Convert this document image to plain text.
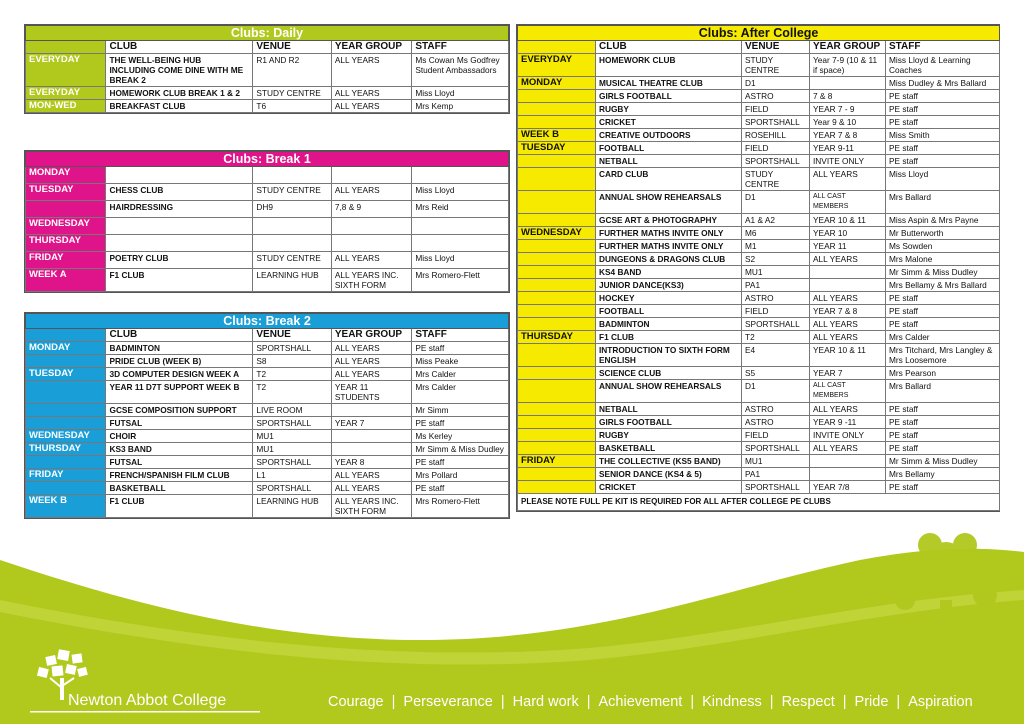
Clubs: Daily				
	CLUB	VENUE	YEAR GROUP	STAFF
EVERYDAY	THE WELL-BEING HUB INCLUDING COME DINE WITH ME BREAK 2	R1 AND R2	ALL YEARS	Ms Cowan Ms Godfrey Student Ambassadors
EVERYDAY	HOMEWORK CLUB BREAK 1 & 2	STUDY CENTRE	ALL YEARS	Miss Lloyd
MON-WED	BREAKFAST CLUB	T6	ALL YEARS	Mrs Kemp
Clubs: Break 1				
MONDAY				
TUESDAY	CHESS CLUB	STUDY CENTRE	ALL YEARS	Miss Lloyd
	HAIRDRESSING	DH9	7,8 & 9	Mrs Reid
WEDNESDAY				
THURSDAY				
FRIDAY	POETRY CLUB	STUDY CENTRE	ALL YEARS	Miss Lloyd
WEEK A	F1 CLUB	LEARNING HUB	ALL YEARS INC. SIXTH FORM	Mrs Romero-Flett
Clubs: Break 2				
	CLUB	VENUE	YEAR GROUP	STAFF
MONDAY	BADMINTON	SPORTSHALL	ALL YEARS	PE staff
	PRIDE CLUB (WEEK B)	S8	ALL YEARS	Miss Peake
TUESDAY	3D COMPUTER DESIGN WEEK A	T2	ALL YEARS	Mrs Calder
	YEAR 11 D7T SUPPORT WEEK B	T2	YEAR 11 STUDENTS	Mrs Calder
	GCSE COMPOSITION SUPPORT	LIVE ROOM		Mr Simm
	FUTSAL	SPORTSHALL	YEAR 7	PE staff
WEDNESDAY	CHOIR	MU1		Ms Kerley
THURSDAY	KS3 BAND	MU1		Mr Simm & Miss Dudley
	FUTSAL	SPORTSHALL	YEAR 8	PE staff
FRIDAY	FRENCH/SPANISH FILM CLUB	L1	ALL YEARS	Mrs Pollard
	BASKETBALL	SPORTSHALL	ALL YEARS	PE staff
WEEK B	F1 CLUB	LEARNING HUB	ALL YEARS INC. SIXTH FORM	Mrs Romero-Flett
Clubs: After College				
	CLUB	VENUE	YEAR GROUP	STAFF
EVERYDAY	HOMEWORK CLUB	STUDY CENTRE	Year 7-9 (10 & 11 if space)	Miss Lloyd & Learning Coaches
MONDAY	MUSICAL THEATRE CLUB	D1		Miss Dudley & Mrs Ballard
	GIRLS FOOTBALL	ASTRO	7 & 8	PE staff
	RUGBY	FIELD	YEAR 7 - 9	PE staff
	CRICKET	SPORTSHALL	Year 9 & 10	PE staff
WEEK B	CREATIVE OUTDOORS	ROSEHILL	YEAR 7 & 8	Miss Smith
TUESDAY	FOOTBALL	FIELD	YEAR 9-11	PE staff
	NETBALL	SPORTSHALL	INVITE ONLY	PE staff
	CARD CLUB	STUDY CENTRE	ALL YEARS	Miss Lloyd
	ANNUAL SHOW REHEARSALS	D1	ALL CAST MEMBERS	Mrs Ballard
	GCSE ART & PHOTOGRAPHY	A1 & A2	YEAR 10 & 11	Miss Aspin & Mrs Payne
WEDNESDAY	FURTHER MATHS INVITE ONLY	M6	YEAR 10	Mr Butterworth
	FURTHER MATHS INVITE ONLY	M1	YEAR 11	Ms Sowden
	DUNGEONS & DRAGONS CLUB	S2	ALL YEARS	Mrs Malone
	KS4 BAND	MU1		Mr Simm & Miss Dudley
	JUNIOR DANCE(KS3)	PA1		Mrs Bellamy & Mrs Ballard
	HOCKEY	ASTRO	ALL YEARS	PE staff
	FOOTBALL	FIELD	YEAR 7 & 8	PE staff
	BADMINTON	SPORTSHALL	ALL YEARS	PE staff
THURSDAY	F1 CLUB	T2	ALL YEARS	Mrs Calder
	INTRODUCTION TO SIXTH FORM ENGLISH	E4	YEAR 10 & 11	Mrs Titchard, Mrs Langley & Mrs Loosemore
	SCIENCE CLUB	S5	YEAR 7	Mrs Pearson
	ANNUAL SHOW REHEARSALS	D1	ALL CAST MEMBERS	Mrs Ballard
	NETBALL	ASTRO	ALL YEARS	PE staff
	GIRLS FOOTBALL	ASTRO	YEAR 9 -11	PE staff
	RUGBY	FIELD	INVITE ONLY	PE staff
	BASKETBALL	SPORTSHALL	ALL YEARS	PE staff
FRIDAY	THE COLLECTIVE (KS5 BAND)	MU1		Mr Simm & Miss Dudley
	SENIOR DANCE (KS4 & 5)	PA1		Mrs Bellamy
	CRICKET	SPORTSHALL	YEAR 7/8	PE staff
PLEASE NOTE FULL PE KIT IS REQUIRED FOR ALL AFTER COLLEGE PE CLUBS				
Newton Abbot College	Courage | Perseverance | Hard work | Achievement | Kindness | Respect | Pride | Aspiration
